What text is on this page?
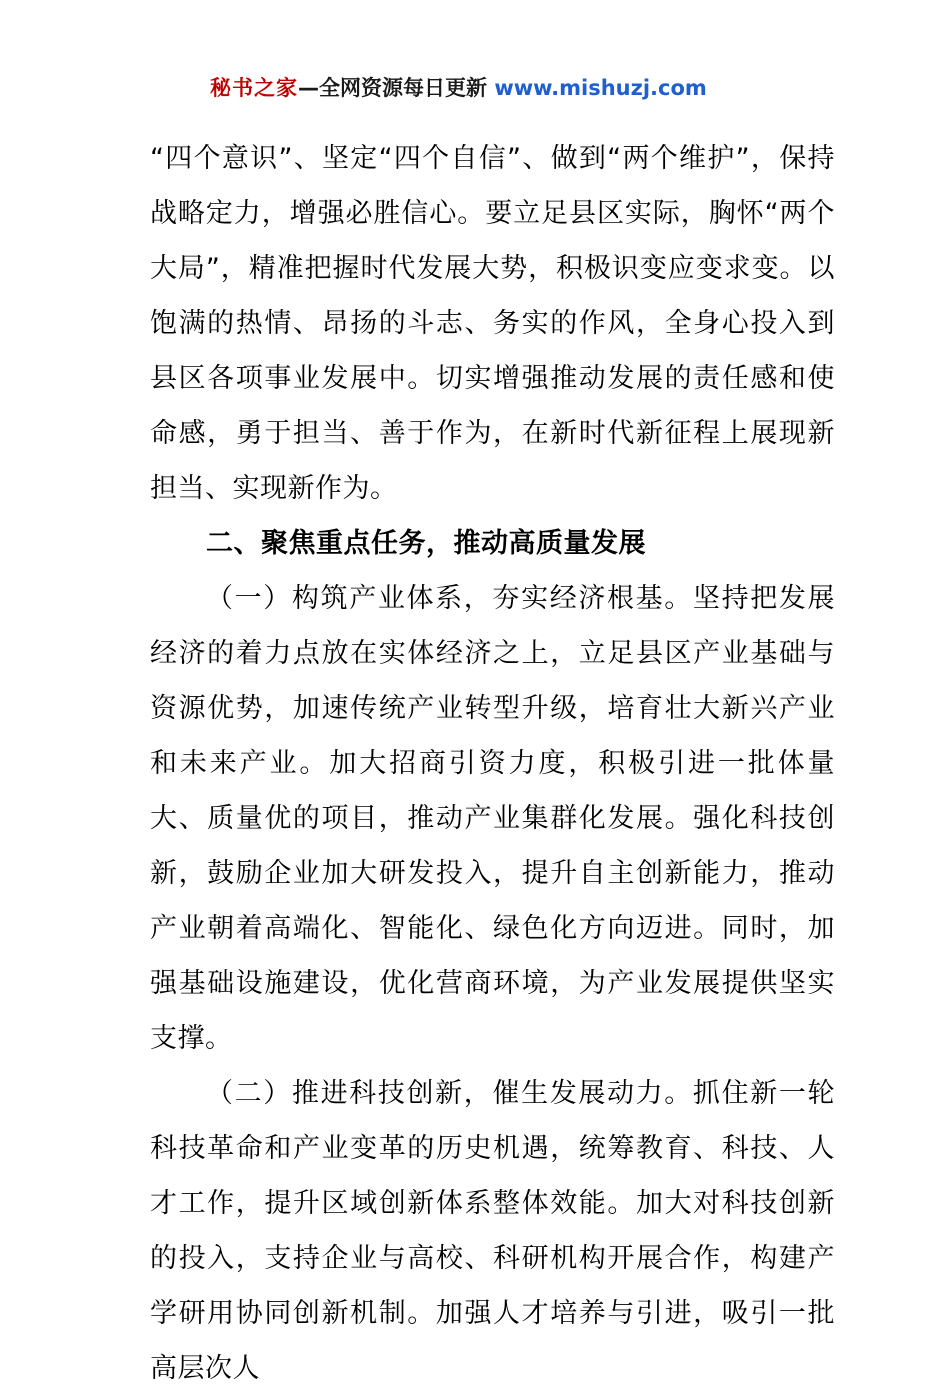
秘书之家—全网资源每日更新 www.mishuzj.com

“四个意识”、坚定“四个自信”、做到“两个维护”，保持战略定力，增强必胜信心。要立足县区实际，胸怀“两个大局”，精准把握时代发展大势，积极识变应变求变。以饱满的热情、昂扬的斗志、务实的作风，全身心投入到县区各项事业发展中。切实增强推动发展的责任感和使命感，勇于担当、善于作为，在新时代新征程上展现新担当、实现新作为。

二、聚焦重点任务，推动高质量发展

（一）构筑产业体系，夯实经济根基。坚持把发展经济的着力点放在实体经济之上，立足县区产业基础与资源优势，加速传统产业转型升级，培育壮大新兴产业和未来产业。加大招商引资力度，积极引进一批体量大、质量优的项目，推动产业集群化发展。强化科技创新，鼓励企业加大研发投入，提升自主创新能力，推动产业朝着高端化、智能化、绿色化方向迈进。同时，加强基础设施建设，优化营商环境，为产业发展提供坚实支撑。

（二）推进科技创新，催生发展动力。抓住新一轮科技革命和产业变革的历史机遇，统筹教育、科技、人才工作，提升区域创新体系整体效能。加大对科技创新的投入，支持企业与高校、科研机构开展合作，构建产学研用协同创新机制。加强人才培养与引进，吸引一批高层次人
